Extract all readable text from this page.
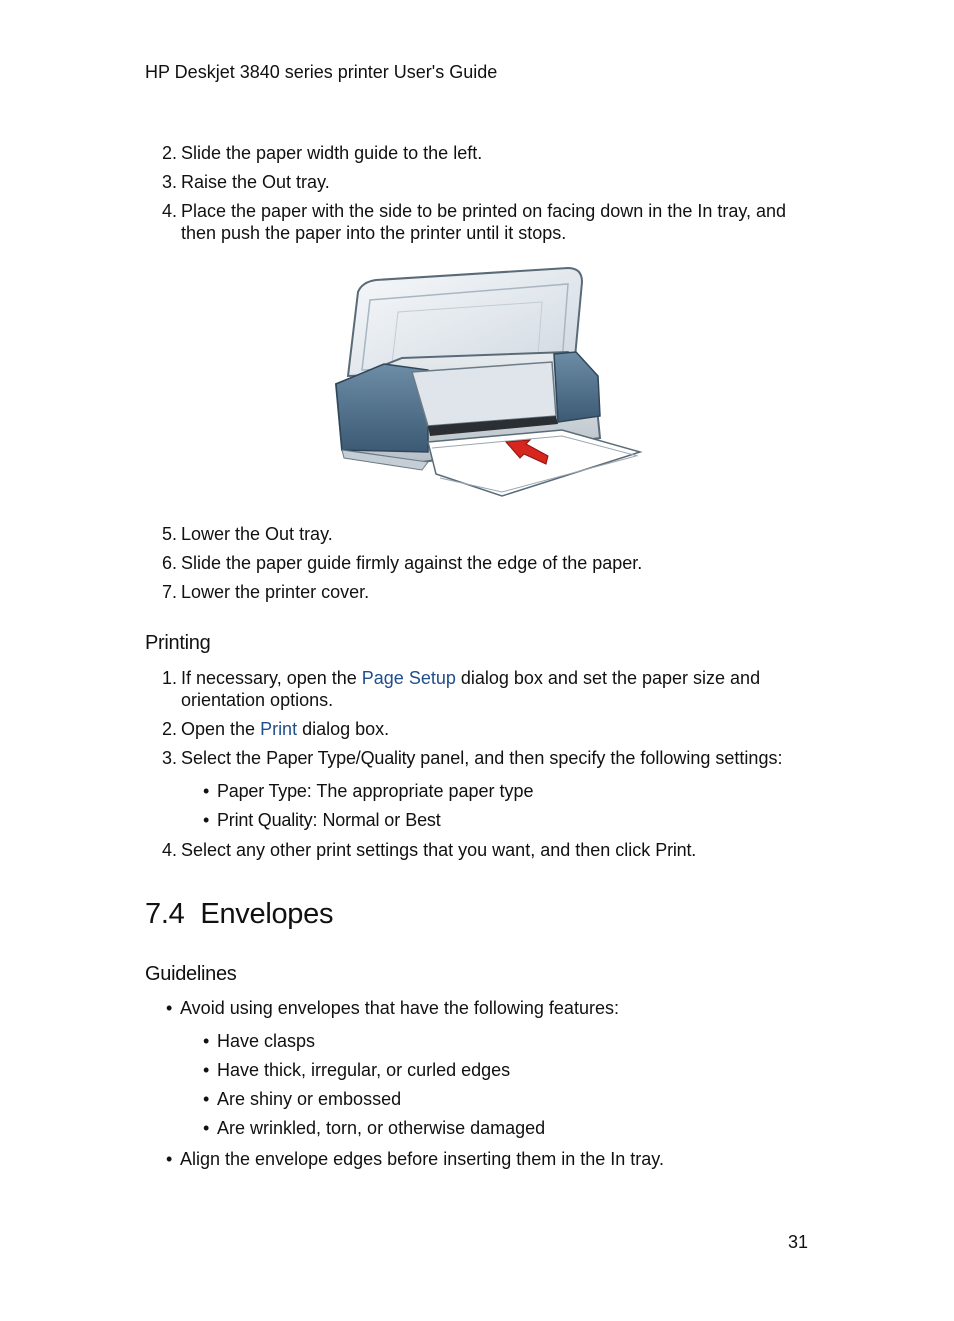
HP Deskjet 3840 series printer User's Guide
2 . Slide the paper width guide to the left.
3 . Raise the Out tray.
4 . Place the paper with the side to be printed on facing down in the In tray, and then push the paper into the printer until it stops.
5 . Lower the Out tray.
6 . Slide the paper guide firmly against the edge of the paper.
7 . Lower the printer cover.
Printing
1 . If necessary, open the Page Setup dialog box and set the paper size and orientation options.
2 . Open the Print dialog box.
3 . Select the Paper Type/Quality panel, and then specify the following settings:
• Paper Type: The appropriate paper type
• Print Quality: Normal or Best
4 . Select any other print settings that you want, and then click Print.
7.4 Envelopes
Guidelines
• Avoid using envelopes that have the following features:
• Have clasps
• Have thick, irregular, or curled edges
• Are shiny or embossed
• Are wrinkled, torn, or otherwise damaged
• Align the envelope edges before inserting them in the In tray.
31
